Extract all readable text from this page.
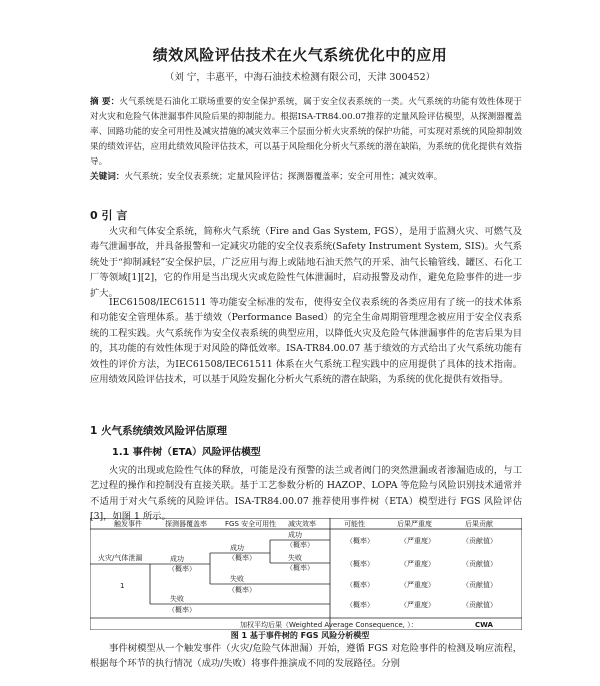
绩效风险评估技术在火气系统优化中的应用
（刘 宁，丰惠平，中海石油技术检测有限公司，天津 300452）
摘 要：火气系统是石油化工联场重要的安全保护系统，属于安全仪表系统的一类。火气系统的功能有效性体现于对火灾和危险气体泄漏事件风险后果的抑制能力。根据ISA-TR84.00.07推荐的定量风险评估模型，从探测器覆盖率、回路功能的安全可用性及减灾措施的减灾效率三个层面分析火灾系统的保护功能，可实现对系统的风险抑制效果的绩效评估，应用此绩效风险评估技术，可以基于风险细化分析火气系统的潜在缺陷，为系统的优化提供有效指导。
关键词：火气系统；安全仪表系统；定量风险评估；探测器覆盖率；安全可用性；减灾效率。
0 引 言
火灾和气体安全系统，简称火气系统（Fire and Gas System, FGS），是用于监测火灾、可燃气及毒气泄漏事故，并具备报警和一定减灾功能的安全仪表系统(Safety Instrument System, SIS)。火气系统处于“抑制减轻”安全保护层，广泛应用与海上或陆地石油天然气的开采、油气长输管线、罐区、石化工厂等领域[1][2]，它的作用是当出现火灾或危险性气体泄漏时，启动报警及动作，避免危险事件的进一步扩大。
IEC61508/IEC61511 等功能安全标准的发布，使得安全仪表系统的各类应用有了统一的技术体系和功能安全管理体系。基于绩效（Performance Based）的完全生命周期管理理念被应用于安全仪表系统的工程实践。火气系统作为安全仪表系统的典型应用，以降低火灾及危险气体泄漏事件的危害后果为目的，其功能的有效性体现于对风险的降低效率。ISA-TR84.00.07 基于绩效的方式给出了火气系统功能有效性的评价方法，为IEC61508/IEC61511 体系在火气系统工程实践中的应用提供了具体的技术指南。应用绩效风险评估技术，可以基于风险发掘化分析火气系统的潜在缺陷，为系统的优化提供有效指导。
1 火气系统绩效风险评估原理
1.1 事件树（ETA）风险评估模型
火灾的出现或危险性气体的释放，可能是没有预警的法兰或者阀门的突然泄漏或者渗漏造成的，与工艺过程的操作和控制没有直接关联。基于工艺参数分析的 HAZOP、LOPA 等危险与风险识别技术通常并不适用于对火气系统的风险评估。ISA-TR84.00.07 推荐使用事件树（ETA）模型进行 FGS 风险评估[3]，如图 1 所示。
触发事件	探测器覆盖率	FGS 安全可用性 减灾效率	可能性	后果严重度	后果贡献
火灾/气体泄漏
1
成功
（概率）
失败
（概率）
成功
（概率）
失败
（概率）
成功
（概率）
失败
（概率）
（概率）	（严重度）	（贡献值）
（概率）	（严重度）	（贡献值）
（概率）	（严重度）	（贡献值）
（概率）	（严重度）	（贡献值）
加权平均后果（Weighted Average Consequence, ）：	CWA
图 1 基于事件树的 FGS 风险分析模型
事件树模型从一个触发事件（火灾/危险气体泄漏）开始，遵循 FGS 对危险事件的检测及响应流程，根据每个环节的执行情况（成功/失败）将事件推演成不同的发展路径。分别
